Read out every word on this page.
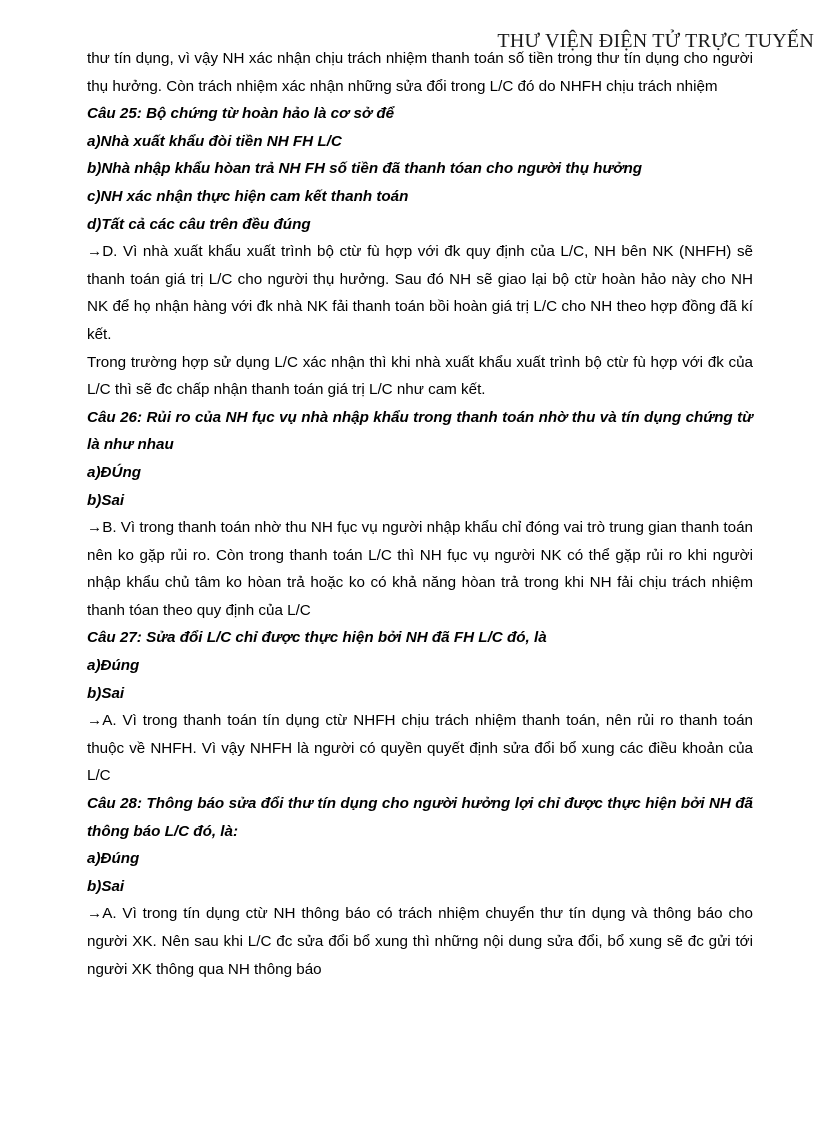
THƯ VIỆN ĐIỆN TỬ TRỰC TUYẾN

thư tín dụng, vì vậy NH xác nhận chịu trách nhiệm thanh toán số tiền trong thư tín dụng cho người thụ hưởng. Còn trách nhiệm xác nhận những sửa đổi trong L/C đó do NHFH chịu trách nhiệm

Câu 25: Bộ chứng từ hoàn hảo là cơ sở để

a)Nhà xuất khẩu đòi tiền NH FH L/C

b)Nhà nhập khẩu hòan trả NH FH số tiền đã thanh tóan cho người thụ hưởng

c)NH xác nhận thực hiện cam kết thanh toán

d)Tất cả các câu trên đều đúng

→D. Vì nhà xuất khẩu xuất trình bộ ctừ fù hợp với đk quy định của L/C, NH bên NK (NHFH) sẽ thanh toán giá trị L/C cho người thụ hưởng. Sau đó NH sẽ giao lại bộ ctừ hoàn hảo này cho NH NK để họ nhận hàng với đk nhà NK fải thanh toán bồi hoàn giá trị L/C cho NH theo hợp đồng đã kí kết.

Trong trường hợp sử dụng L/C xác nhận thì khi nhà xuất khẩu xuất trình bộ ctừ fù hợp với đk của L/C thì sẽ đc chấp nhận thanh toán giá trị L/C như cam kết.

Câu 26: Rủi ro của NH fục vụ nhà nhập khẩu trong thanh toán nhờ thu và tín dụng chứng từ là như nhau

a)ĐÚng

b)Sai

→B. Vì trong thanh toán nhờ thu NH fục vụ người nhập khẩu chỉ đóng vai trò trung gian thanh toán nên ko gặp rủi ro. Còn trong thanh toán L/C thì NH fục vụ người NK có thể gặp rủi ro khi người nhập khẩu chủ tâm ko hòan trả hoặc ko có khả năng hòan trả trong khi NH fải chịu trách nhiệm thanh tóan theo quy định của L/C

Câu 27: Sửa đổi L/C chỉ được thực hiện bởi NH đã FH L/C đó, là

a)Đúng

b)Sai

→A. Vì trong thanh toán tín dụng ctừ NHFH chịu trách nhiệm thanh toán, nên rủi ro thanh toán thuộc về NHFH. Vì vậy NHFH là người có quyền quyết định sửa đổi bổ xung các điều khoản của L/C

Câu 28: Thông báo sửa đổi thư tín dụng cho người hưởng lợi chỉ được thực hiện bởi NH đã thông báo L/C đó, là:

a)Đúng

b)Sai

→A. Vì trong tín dụng ctừ NH thông báo có trách nhiệm chuyển thư tín dụng và thông báo cho người XK. Nên sau khi L/C đc sửa đổi bổ xung thì những nội dung sửa đổi, bổ xung sẽ đc gửi tới người XK thông qua NH thông báo
